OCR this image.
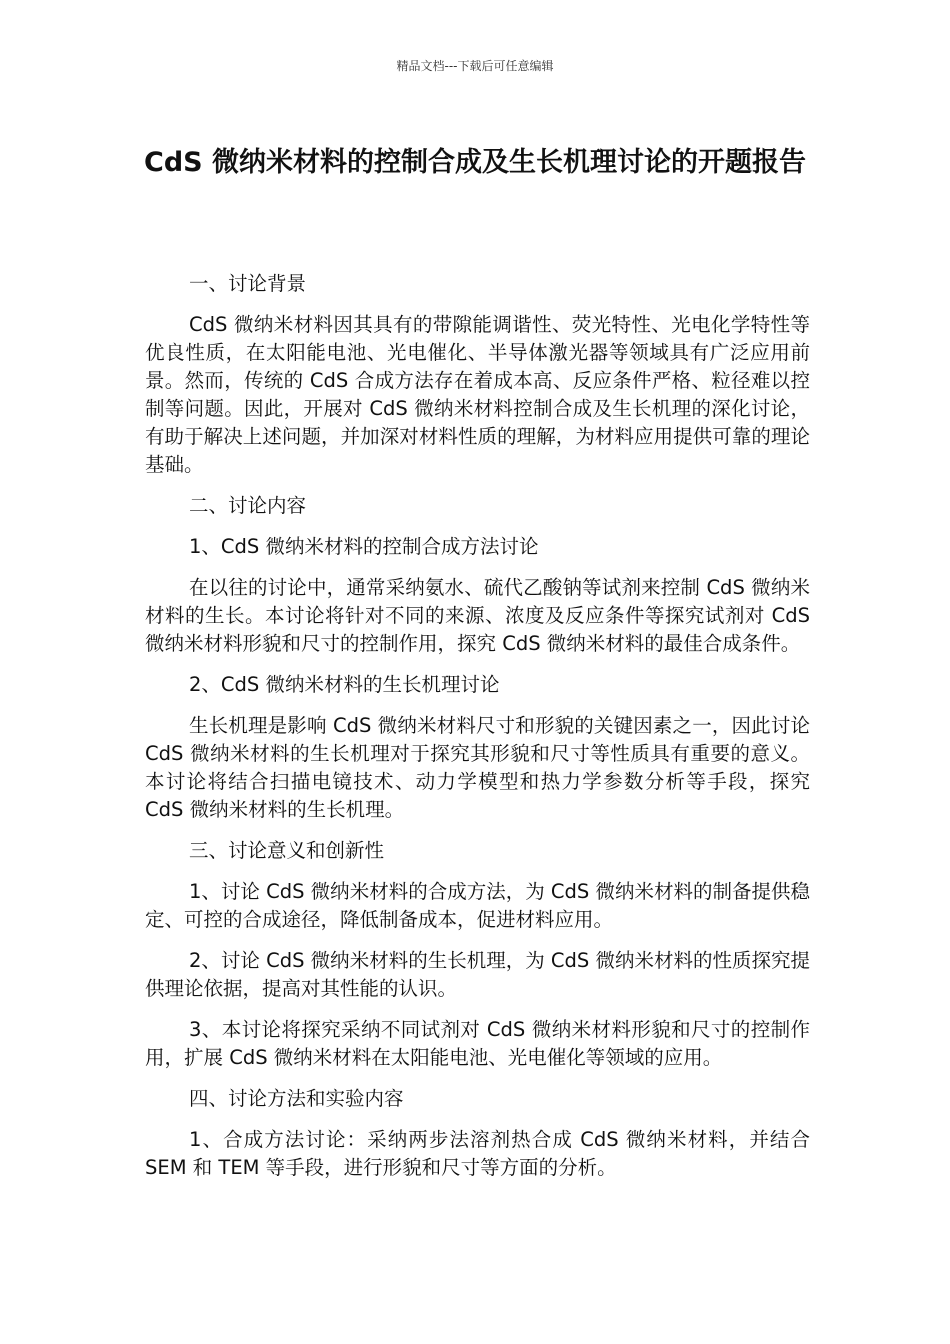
精品文档---下载后可任意编辑
CdS 微纳米材料的控制合成及生长机理讨论的开题报告

一、讨论背景

CdS 微纳米材料因其具有的带隙能调谐性、荧光特性、光电化学特性等优良性质，在太阳能电池、光电催化、半导体激光器等领域具有广泛应用前景。然而，传统的 CdS 合成方法存在着成本高、反应条件严格、粒径难以控制等问题。因此，开展对 CdS 微纳米材料控制合成及生长机理的深化讨论，有助于解决上述问题，并加深对材料性质的理解，为材料应用提供可靠的理论基础。

二、讨论内容

1、CdS 微纳米材料的控制合成方法讨论

在以往的讨论中，通常采纳氨水、硫代乙酸钠等试剂来控制 CdS 微纳米材料的生长。本讨论将针对不同的来源、浓度及反应条件等探究试剂对 CdS 微纳米材料形貌和尺寸的控制作用，探究 CdS 微纳米材料的最佳合成条件。

2、CdS 微纳米材料的生长机理讨论

生长机理是影响 CdS 微纳米材料尺寸和形貌的关键因素之一，因此讨论 CdS 微纳米材料的生长机理对于探究其形貌和尺寸等性质具有重要的意义。本讨论将结合扫描电镜技术、动力学模型和热力学参数分析等手段，探究 CdS 微纳米材料的生长机理。

三、讨论意义和创新性

1、讨论 CdS 微纳米材料的合成方法，为 CdS 微纳米材料的制备提供稳定、可控的合成途径，降低制备成本，促进材料应用。

2、讨论 CdS 微纳米材料的生长机理，为 CdS 微纳米材料的性质探究提供理论依据，提高对其性能的认识。

3、本讨论将探究采纳不同试剂对 CdS 微纳米材料形貌和尺寸的控制作用，扩展 CdS 微纳米材料在太阳能电池、光电催化等领域的应用。

四、讨论方法和实验内容

1、合成方法讨论：采纳两步法溶剂热合成 CdS 微纳米材料，并结合 SEM 和 TEM 等手段，进行形貌和尺寸等方面的分析。
